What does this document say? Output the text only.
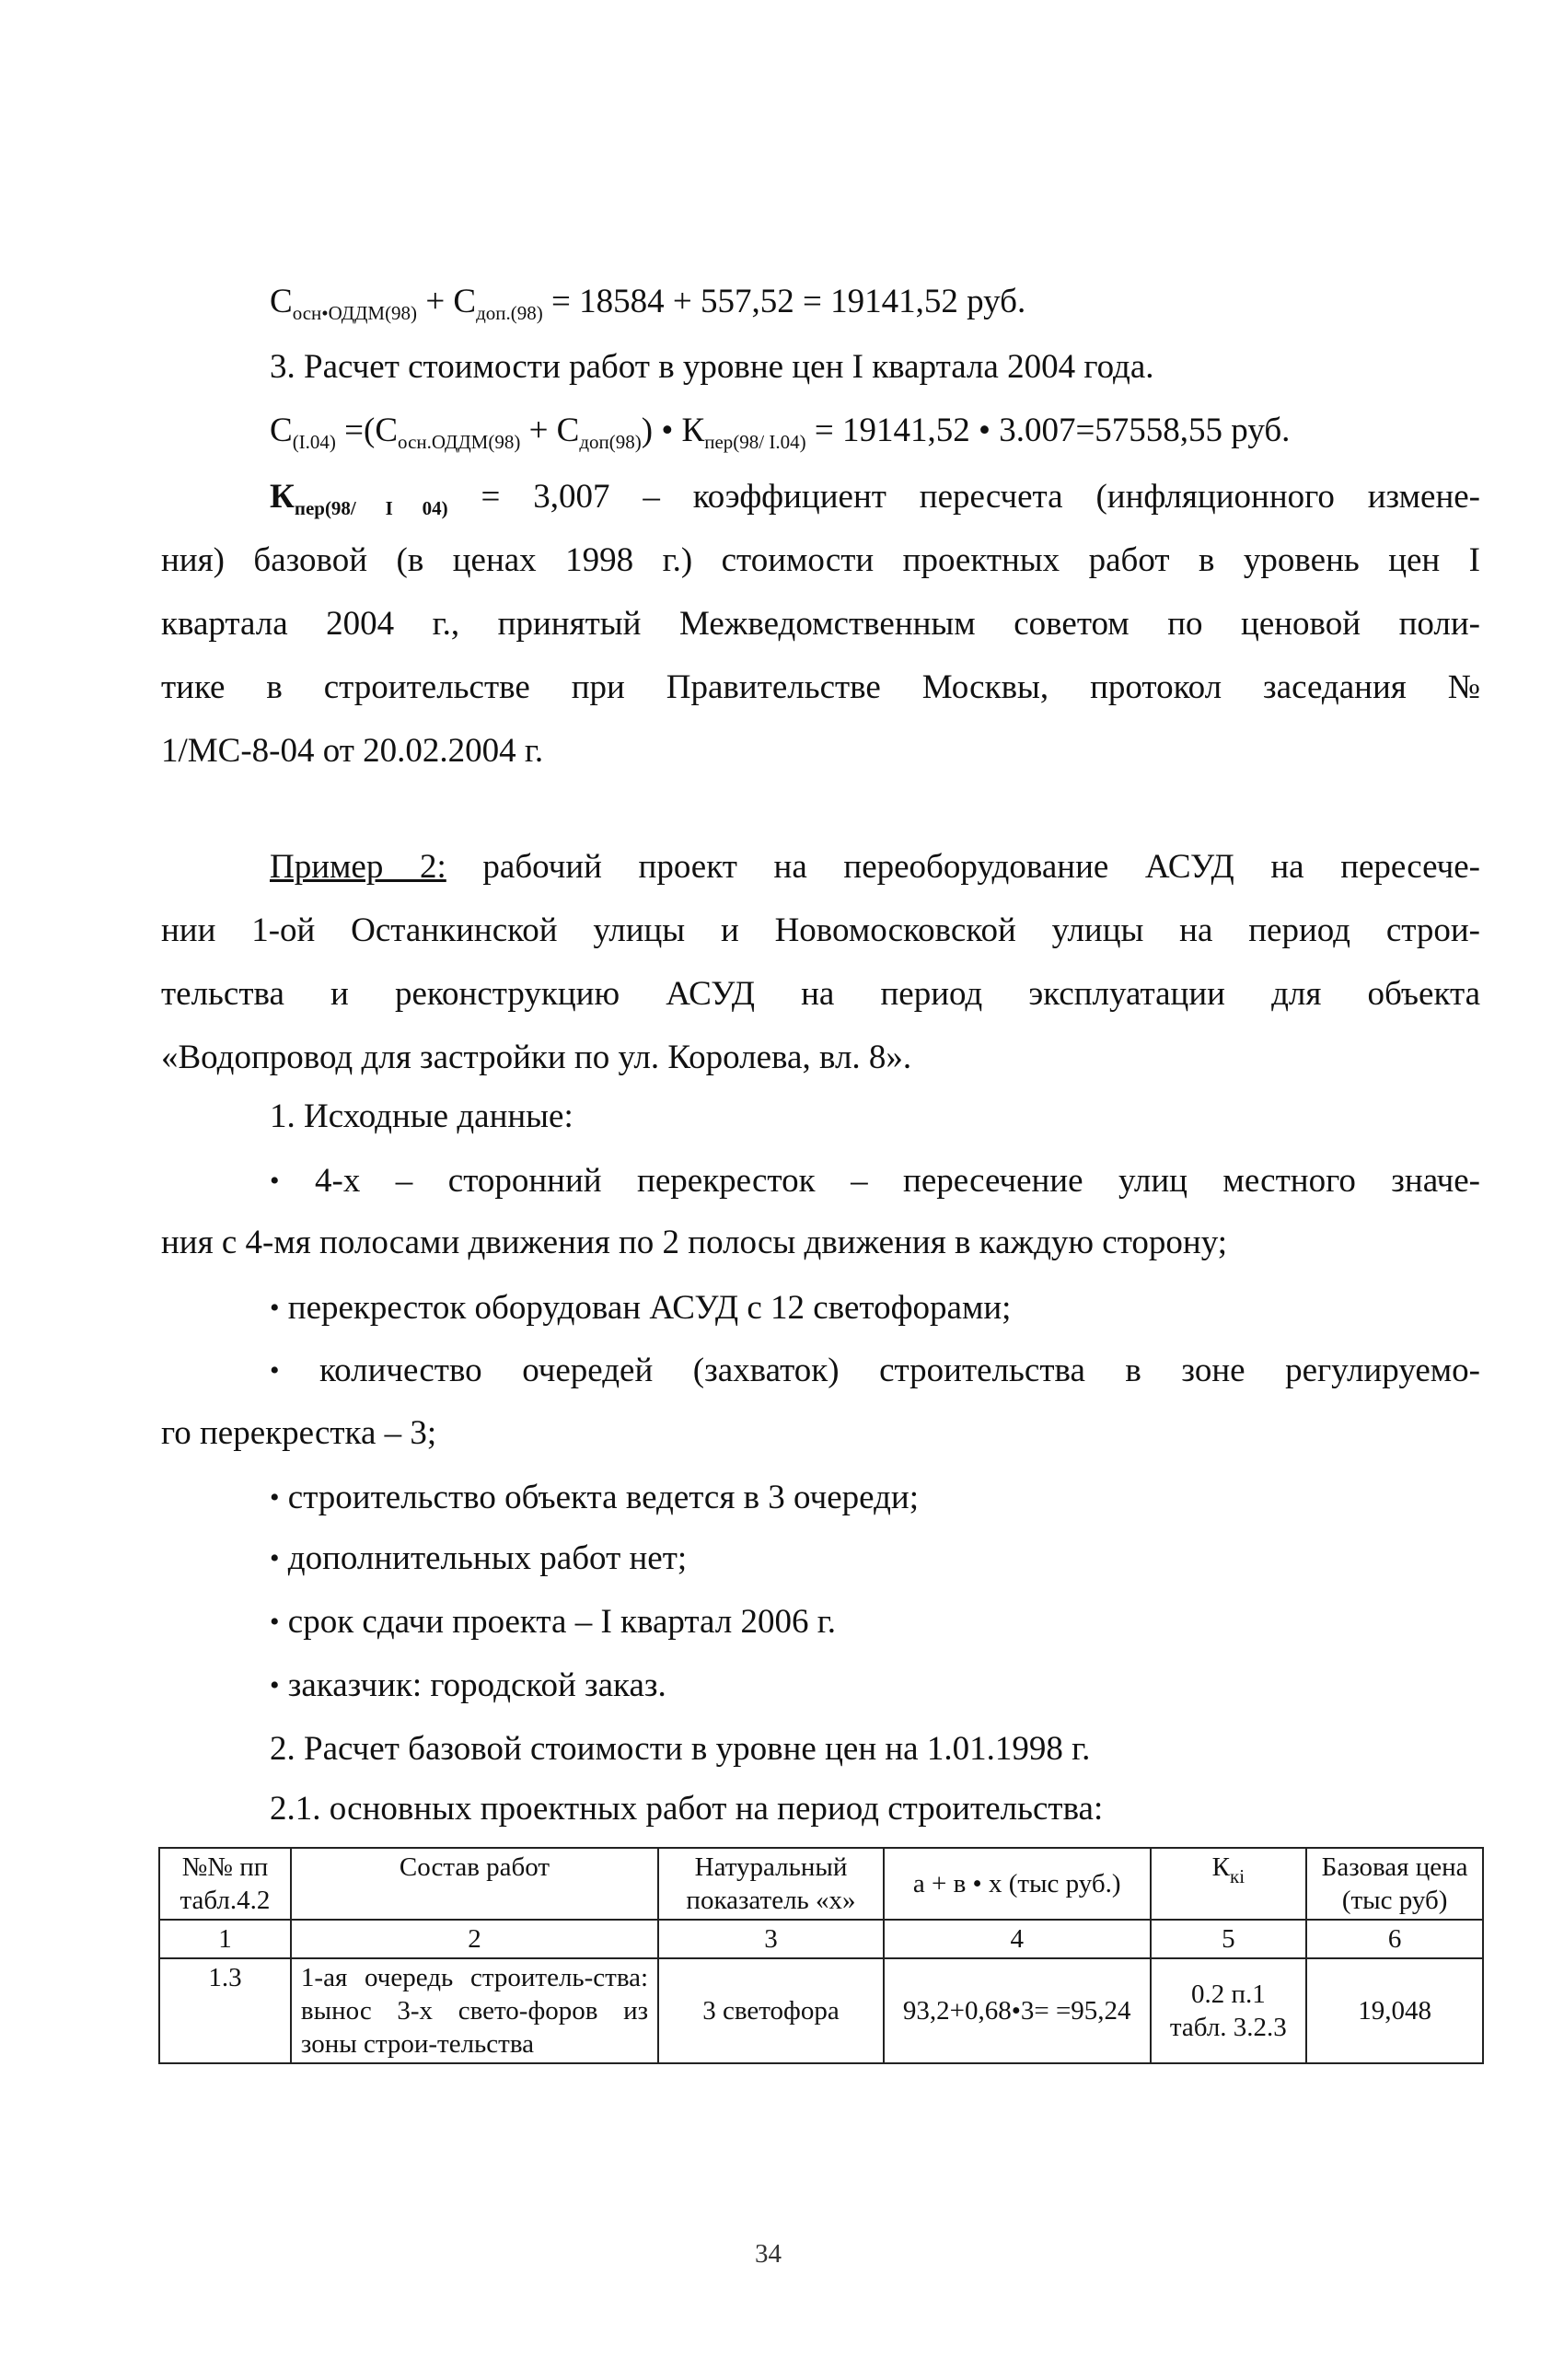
$С_{осн•ОДДМ(98)} + С_{доп.(98)} = 18584 + 557,52 = 19141,52$ руб.
3. Расчет стоимости работ в уровне цен I квартала 2004 года.
$С_{(I.04)} =(С_{осн.ОДДМ(98)} + С_{доп(98)})$ • $К_{пер(98/ I.04)} = 19141,52$ • 3.007=57558,55 руб.
$К_{пер(98/ I 04)} = 3,007$ – коэффициент пересчета (инфляционного измене-
ния) базовой (в ценах 1998 г.) стоимости проектных работ в уровень цен I
квартала 2004 г., принятый Межведомственным советом по ценовой поли-
тике в строительстве при Правительстве Москвы, протокол заседания №
1/МС-8-04 от 20.02.2004 г.
Пример 2: рабочий проект на переоборудование АСУД на пересече-
нии 1-ой Останкинской улицы и Новомосковской улицы на период строи-
тельства и реконструкцию АСУД на период эксплуатации для объекта
«Водопровод для застройки по ул. Королева, вл. 8».
1. Исходные данные:
• 4-х – сторонний перекресток – пересечение улиц местного значе-
ния с 4-мя полосами движения по 2 полосы движения в каждую сторону;
• перекресток оборудован АСУД с 12 светофорами;
• количество очередей (захваток) строительства в зоне регулируемо-
го перекрестка – 3;
• строительство объекта ведется в 3 очереди;
• дополнительных работ нет;
• срок сдачи проекта – I квартал 2006 г.
• заказчик: городской заказ.
2. Расчет базовой стоимости в уровне цен на 1.01.1998 г.
2.1. основных проектных работ на период строительства:
№№ пп табл.4.2	Состав работ	Натуральный показатель «х»	а + в • х (тыс руб.)	$К_{кi}$	Базовая цена (тыс руб)
1	2	3	4	5	6
1.3	1-ая очередь строитель-ства: вынос 3-х свето-форов из зоны строи-тельства	3 светофора	93,2+0,68•3= =95,24	0.2 п.1 табл. 3.2.3	19,048
34
